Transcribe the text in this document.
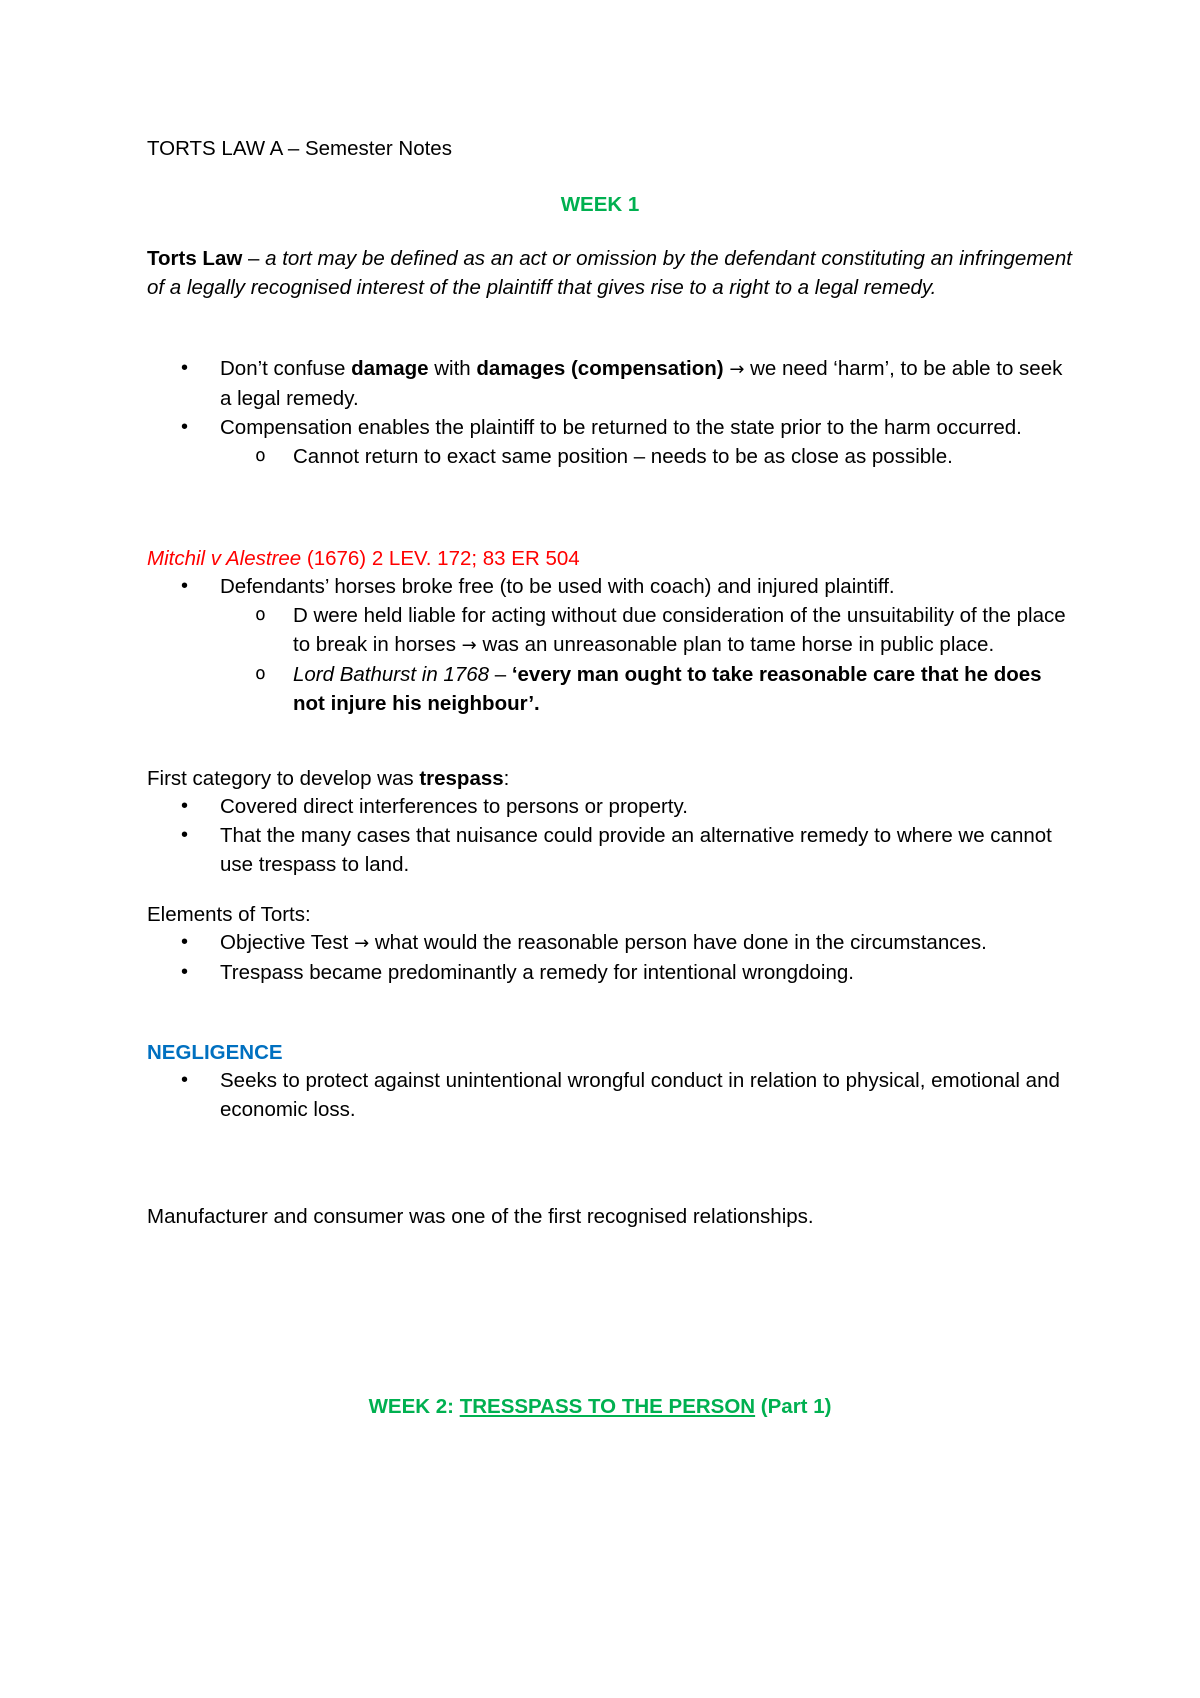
TORTS LAW A – Semester Notes

WEEK 1

Torts Law – a tort may be defined as an act or omission by the defendant constituting an infringement of a legally recognised interest of the plaintiff that gives rise to a right to a legal remedy.

• Don’t confuse damage with damages (compensation) → we need ‘harm’, to be able to seek a legal remedy.
• Compensation enables the plaintiff to be returned to the state prior to the harm occurred.
o Cannot return to exact same position – needs to be as close as possible.

Mitchil v Alestree (1676) 2 LEV. 172; 83 ER 504

• Defendants’ horses broke free (to be used with coach) and injured plaintiff.
o D were held liable for acting without due consideration of the unsuitability of the place to break in horses → was an unreasonable plan to tame horse in public place.
o Lord Bathurst in 1768 – ‘every man ought to take reasonable care that he does not injure his neighbour’.

First category to develop was trespass:

• Covered direct interferences to persons or property.
• That the many cases that nuisance could provide an alternative remedy to where we cannot use trespass to land.

Elements of Torts:

• Objective Test → what would the reasonable person have done in the circumstances.
• Trespass became predominantly a remedy for intentional wrongdoing.

NEGLIGENCE

• Seeks to protect against unintentional wrongful conduct in relation to physical, emotional and economic loss.

Manufacturer and consumer was one of the first recognised relationships.

WEEK 2: TRESSPASS TO THE PERSON (Part 1)
